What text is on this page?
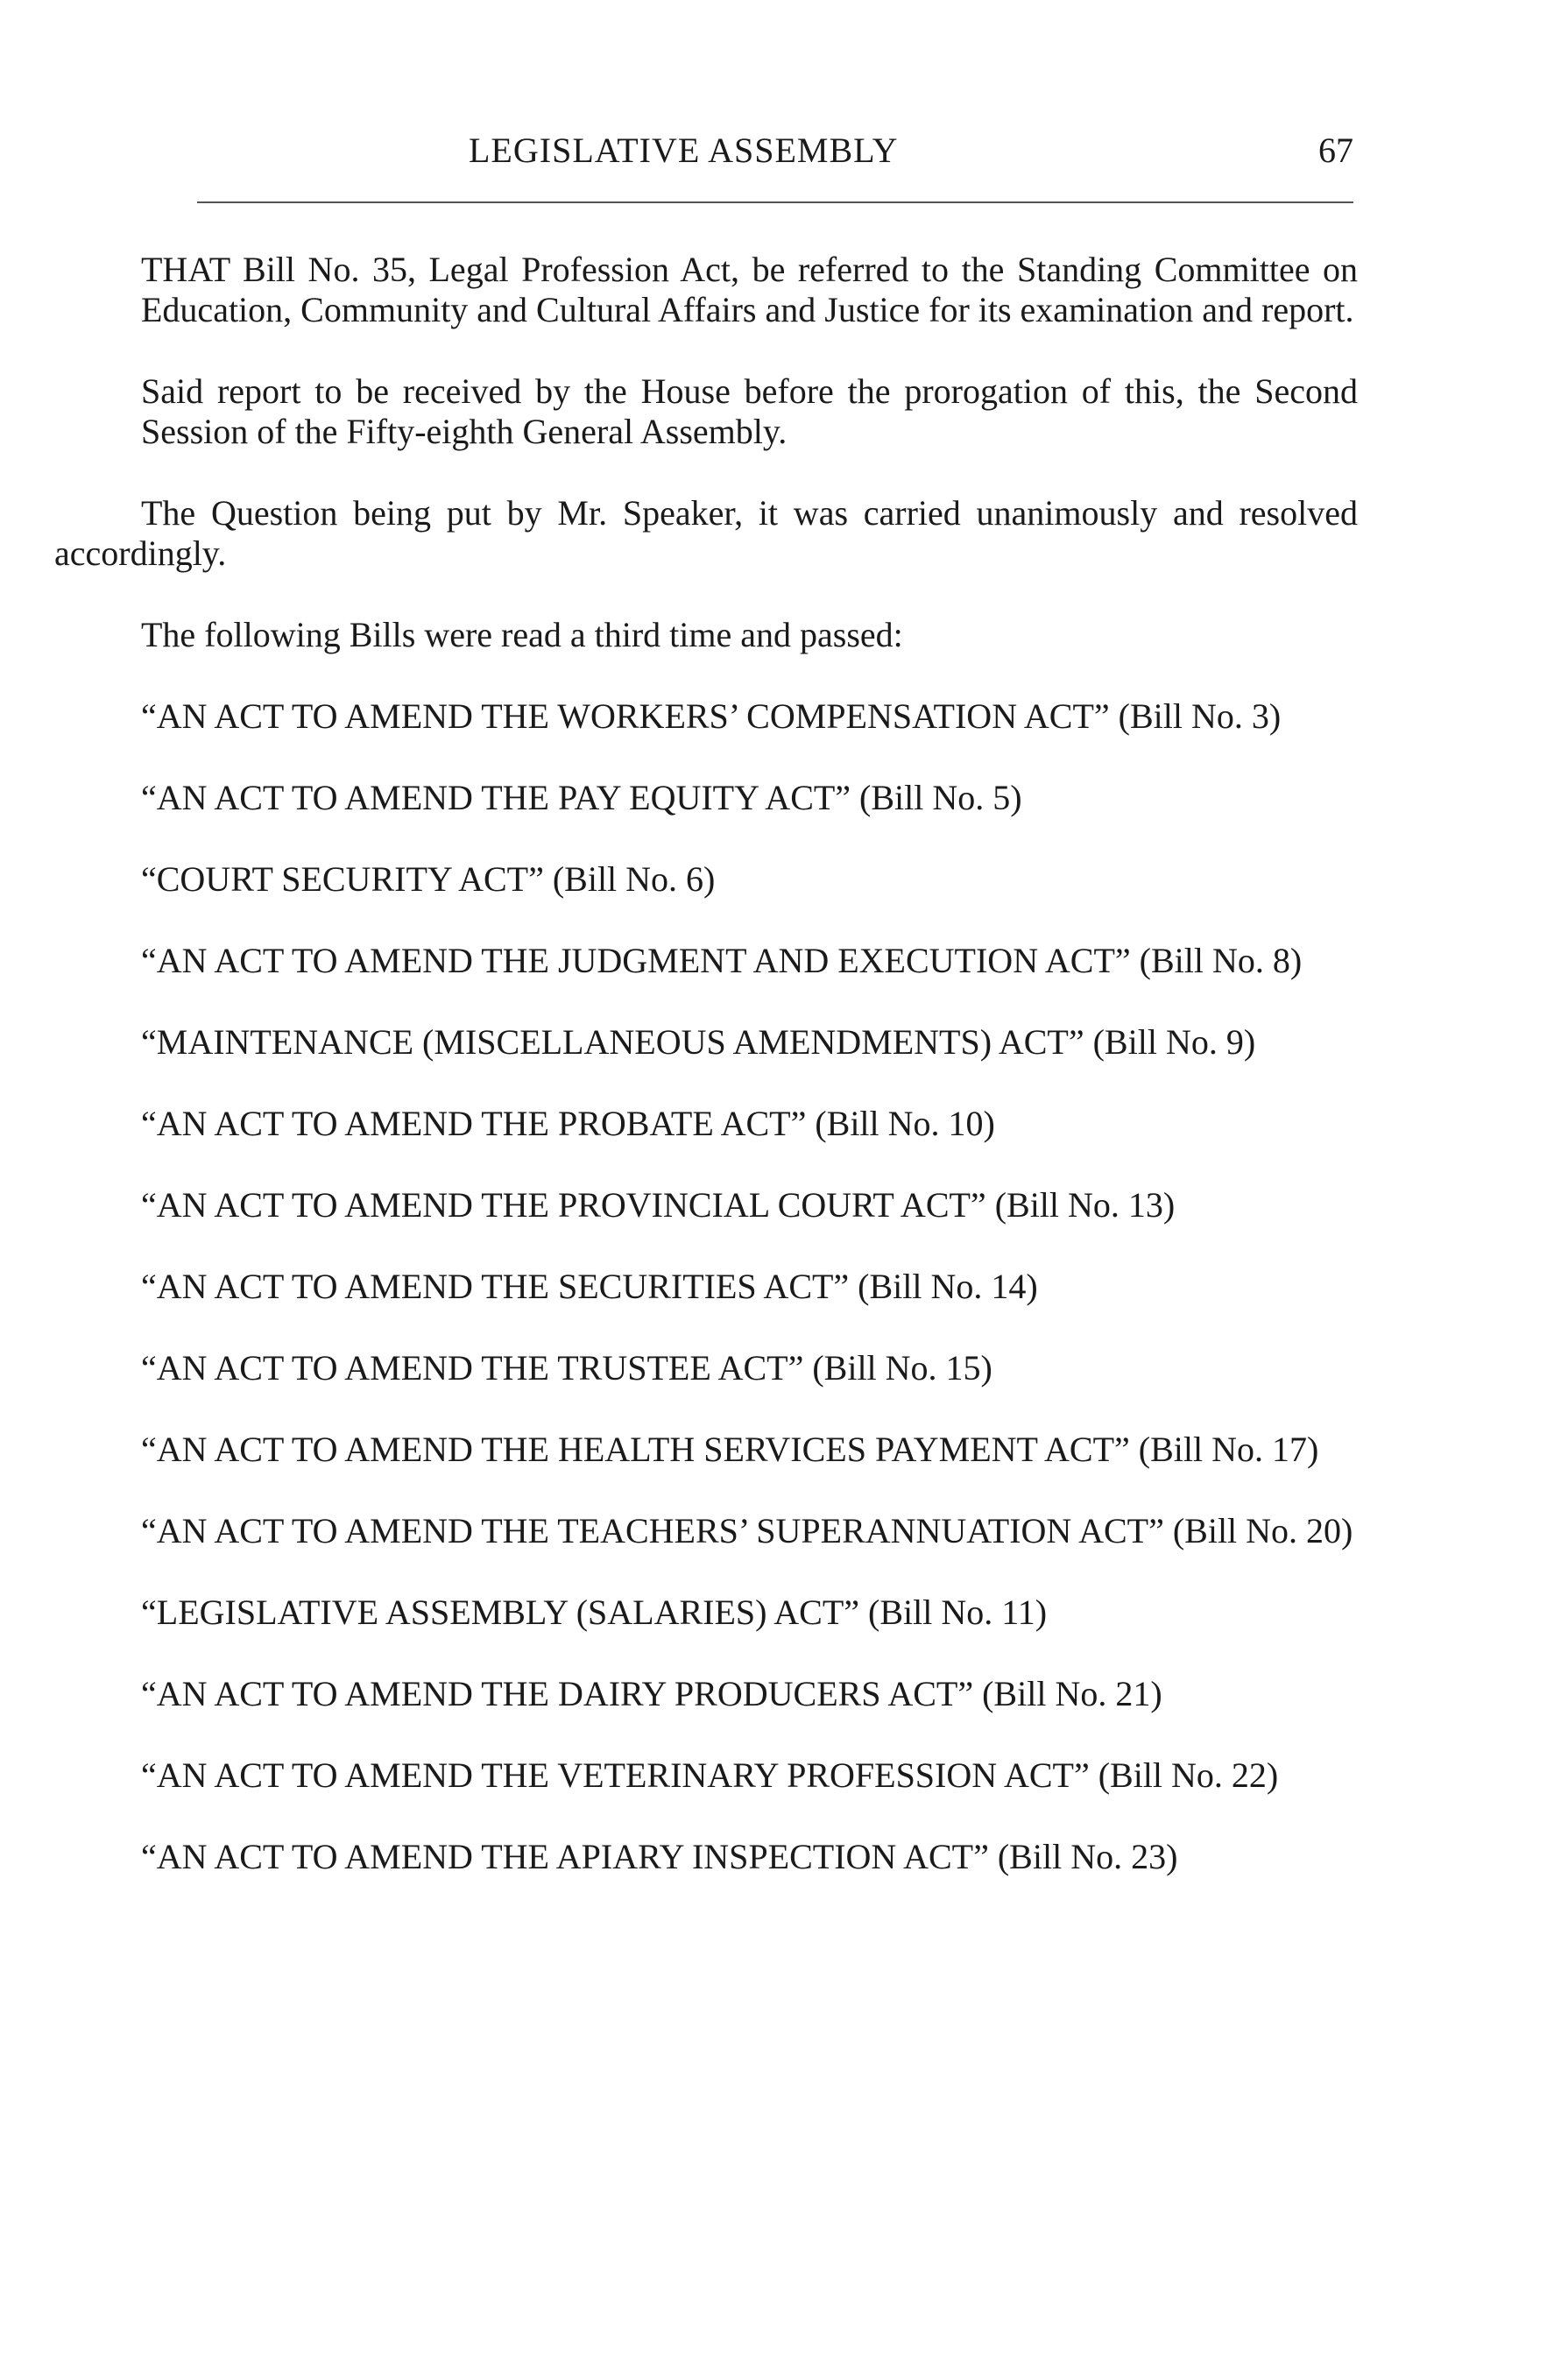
LEGISLATIVE ASSEMBLY	67

THAT Bill No. 35, Legal Profession Act, be referred to the Standing Committee on Education, Community and Cultural Affairs and Justice for its examination and report.

Said report to be received by the House before the prorogation of this, the Second Session of the Fifty-eighth General Assembly.

The Question being put by Mr. Speaker, it was carried unanimously and resolved accordingly.

The following Bills were read a third time and passed:

“AN ACT TO AMEND THE WORKERS’ COMPENSATION ACT” (Bill No. 3)

“AN ACT TO AMEND THE PAY EQUITY ACT” (Bill No. 5)

“COURT SECURITY ACT” (Bill No. 6)

“AN ACT TO AMEND THE JUDGMENT AND EXECUTION ACT” (Bill No. 8)

“MAINTENANCE (MISCELLANEOUS AMENDMENTS) ACT” (Bill No. 9)

“AN ACT TO AMEND THE PROBATE ACT” (Bill No. 10)

“AN ACT TO AMEND THE PROVINCIAL COURT ACT” (Bill No. 13)

“AN ACT TO AMEND THE SECURITIES ACT” (Bill No. 14)

“AN ACT TO AMEND THE TRUSTEE ACT” (Bill No. 15)

“AN ACT TO AMEND THE HEALTH SERVICES PAYMENT ACT” (Bill No. 17)

“AN ACT TO AMEND THE TEACHERS’ SUPERANNUATION ACT” (Bill No. 20)

“LEGISLATIVE ASSEMBLY (SALARIES) ACT” (Bill No. 11)

“AN ACT TO AMEND THE DAIRY PRODUCERS ACT” (Bill No. 21)

“AN ACT TO AMEND THE VETERINARY PROFESSION ACT” (Bill No. 22)

“AN ACT TO AMEND THE APIARY INSPECTION ACT” (Bill No. 23)
